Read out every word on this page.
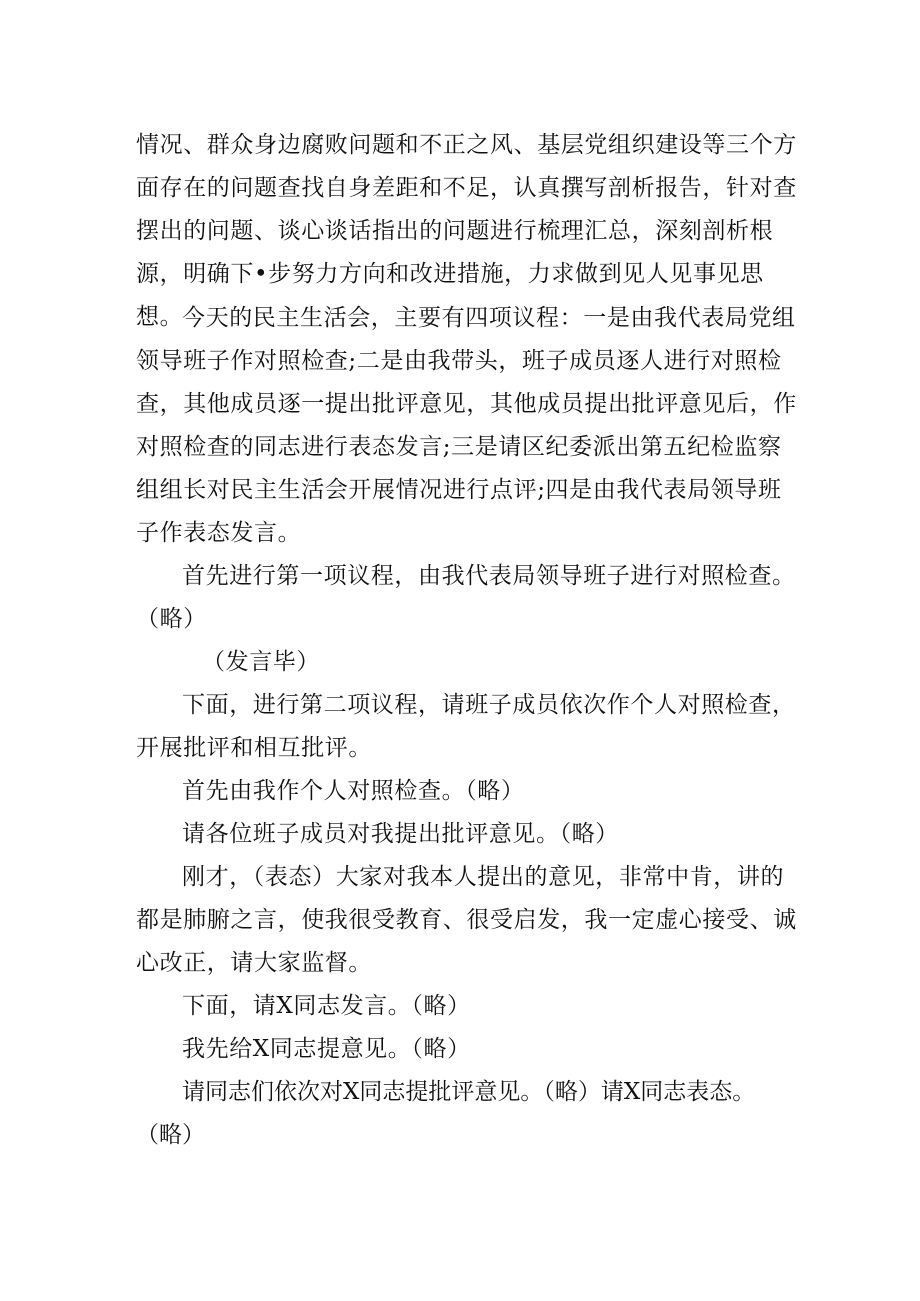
情况、群众身边腐败问题和不正之风、基层党组织建设等三个方面存在的问题查找自身差距和不足，认真撰写剖析报告，针对查摆出的问题、谈心谈话指出的问题进行梳理汇总，深刻剖析根源，明确下•步努力方向和改进措施，力求做到见人见事见思想。

今天的民主生活会，主要有四项议程：一是由我代表局党组领导班子作对照检查;二是由我带头，班子成员逐人进行对照检查，其他成员逐一提出批评意见，其他成员提出批评意见后，作对照检查的同志进行表态发言;三是请区纪委派出第五纪检监察组组长对民主生活会开展情况进行点评;四是由我代表局领导班子作表态发言。

首先进行第一项议程，由我代表局领导班子进行对照检查。（略）

（发言毕）

下面，进行第二项议程，请班子成员依次作个人对照检查，开展批评和相互批评。

首先由我作个人对照检查。（略）

请各位班子成员对我提出批评意见。（略）

刚才，（表态）大家对我本人提出的意见，非常中肯，讲的都是肺腑之言，使我很受教育、很受启发，我一定虚心接受、诚心改正，请大家监督。

下面，请X同志发言。（略）

我先给X同志提意见。（略）

请同志们依次对X同志提批评意见。（略）请X同志表态。（略）
